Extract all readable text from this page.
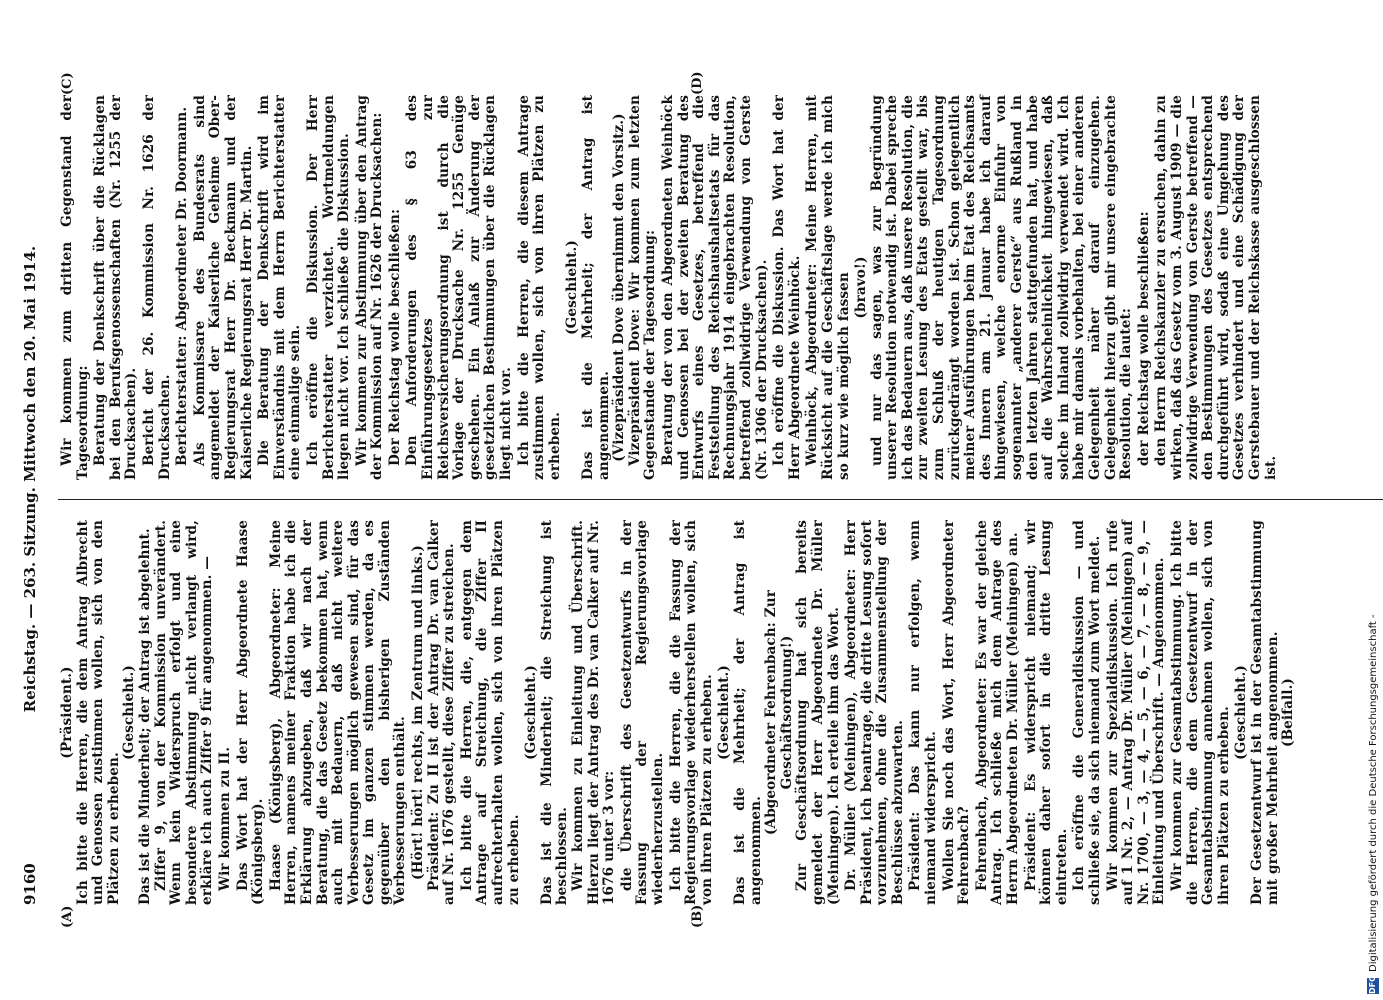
9160
Reichstag. — 263. Sitzung. Mittwoch den 20. Mai 1914.
(A)	(B)
(C)	(D)
(Präsident.) Ich bitte die Herren, die dem Antrag Albrecht und Genossen zustimmen wollen, sich von den Plätzen zu erheben.
(Geschieht.) Das ist die Minderheit; der Antrag ist abgelehnt. Ziffer 9, von der Kommission unverändert. Wenn kein Widerspruch erfolgt und eine besondere Abstimmung nicht verlangt wird, erkläre ich auch Ziffer 9 für angenommen. — Wir kommen zu II. Das Wort hat der Herr Abgeordnete Haase (Königsberg). Haase (Königsberg), Abgeordneter: Meine Herren, namens meiner Fraktion habe ich die Erklärung abzugeben, daß wir nach der Beratung, die das Gesetz bekommen hat, wenn auch mit Bedauern, daß nicht weitere Verbesserungen möglich gewesen sind, für das Gesetz im ganzen stimmen werden, da es gegenüber den bisherigen Zuständen Verbesserungen enthält. (Hört! hört! rechts, im Zentrum und links.) Präsident: Zu II ist der Antrag Dr. van Calker auf Nr. 1676 gestellt, diese Ziffer zu streichen. Ich bitte die Herren, die, entgegen dem Antrage auf Streichung, die Ziffer II aufrechterhalten wollen, sich von ihren Plätzen zu erheben.
(Geschieht.) Das ist die Minderheit; die Streichung ist beschlossen. Wir kommen zu Einleitung und Überschrift. Hierzu liegt der Antrag des Dr. van Calker auf Nr. 1676 unter 3 vor: die Überschrift des Gesetzentwurfs in der Fassung der Regierungsvorlage wiederherzustellen. Ich bitte die Herren, die die Fassung der Regierungsvorlage wiederherstellen wollen, sich von ihren Plätzen zu erheben. (Geschieht.) Das ist die Mehrheit; der Antrag ist angenommen.
(Abgeordneter Fehrenbach: Zur Geschäftsordnung!) Zur Geschäftsordnung hat sich bereits gemeldet der Herr Abgeordnete Dr. Müller (Meiningen). Ich erteile ihm das Wort. Dr. Müller (Meiningen), Abgeordneter: Herr Präsident, ich beantrage, die dritte Lesung sofort vorzunehmen, ohne die Zusammenstellung der Beschlüsse abzuwarten. Präsident: Das kann nur erfolgen, wenn niemand widerspricht. Wollen Sie noch das Wort, Herr Abgeordneter Fehrenbach? Fehrenbach, Abgeordneter: Es war der gleiche Antrag. Ich schließe mich dem Antrage des Herrn Abgeordneten Dr. Müller (Meiningen) an. Präsident: Es widerspricht niemand; wir können daher sofort in die dritte Lesung eintreten. Ich eröffne die Generaldiskussion — und schließe sie, da sich niemand zum Wort meldet. Wir kommen zur Spezialdiskussion. Ich rufe auf 1 Nr. 2, — Antrag Dr. Müller (Meiningen) auf Nr. 1700, — 3, — 4, — 5, — 6, — 7, — 8, — 9, — Einleitung und Überschrift. — Angenommen. Wir kommen zur Gesamtabstimmung. Ich bitte die Herren, die dem Gesetzentwurf in der Gesamtabstimmung annehmen wollen, sich von ihren Plätzen zu erheben. (Geschieht.) Der Gesetzentwurf ist in der Gesamtabstimmung mit großer Mehrheit angenommen. (Beifall.)
Wir kommen zum dritten Gegenstand der Tagesordnung: Beratung der Denkschrift über die Rücklagen bei den Berufsgenossenschaften (Nr. 1255 der Drucksachen). Bericht der 26. Kommission Nr. 1626 der Drucksachen. Berichterstatter: Abgeordneter Dr. Doormann. Als Kommissare des Bundesrats sind angemeldet der Kaiserliche Geheime Ober-Regierungsrat Herr Dr. Beckmann und der Kaiserliche Regierungsrat Herr Dr. Martin. Die Beratung der Denkschrift wird im Einverständnis mit dem Herrn Berichterstatter eine einmalige sein. Ich eröffne die Diskussion. Der Herr Berichterstatter verzichtet. Wortmeldungen liegen nicht vor. Ich schließe die Diskussion. Wir kommen zur Abstimmung über den Antrag der Kommission auf Nr. 1626 der Drucksachen: Der Reichstag wolle beschließen: Den Anforderungen des § 63 des Einführungsgesetzes zur Reichsversicherungsordnung ist durch die Vorlage der Drucksache Nr. 1255 Genüge geschehen. Ein Anlaß zur Änderung der gesetzlichen Bestimmungen über die Rücklagen liegt nicht vor. Ich bitte die Herren, die diesem Antrage zustimmen wollen, sich von ihren Plätzen zu erheben.
(Geschieht.) Das ist die Mehrheit; der Antrag ist angenommen. (Vizepräsident Dove übernimmt den Vorsitz.) Vizepräsident Dove: Wir kommen zum letzten Gegenstande der Tagesordnung: Beratung der von den Abgeordneten Weinhöck und Genossen bei der zweiten Beratung des Entwurfs eines Gesetzes, betreffend die Feststellung des Reichshaushaltsetats für das Rechnungsjahr 1914 eingebrachten Resolution, betreffend zollwidrige Verwendung von Gerste (Nr. 1306 der Drucksachen). Ich eröffne die Diskussion. Das Wort hat der Herr Abgeordnete Weinhöck. Weinhöck, Abgeordneter: Meine Herren, mit Rücksicht auf die Geschäftslage werde ich mich so kurz wie möglich fassen (bravo!) und nur das sagen, was zur Begründung unserer Resolution notwendig ist. Dabei spreche ich das Bedauern aus, daß unsere Resolution, die zur zweiten Lesung des Etats gestellt war, bis zum Schluß der heutigen Tagesordnung zurückgedrängt worden ist. Schon gelegentlich meiner Ausführungen beim Etat des Reichsamts des Innern am 21. Januar habe ich darauf hingewiesen, welche enorme Einfuhr von sogenannter „anderer Gerste“ aus Rußland in den letzten Jahren stattgefunden hat, und habe auf die Wahrscheinlichkeit hingewiesen, daß solche im Inland zollwidrig verwendet wird. Ich habe mir damals vorbehalten, bei einer anderen Gelegenheit näher darauf einzugehen. Gelegenheit hierzu gibt mir unsere eingebrachte Resolution, die lautet: der Reichstag wolle beschließen: den Herrn Reichskanzler zu ersuchen, dahin zu wirken, daß das Gesetz vom 3. August 1909 — die zollwidrige Verwendung von Gerste betreffend — den Bestimmungen des Gesetzes entsprechend durchgeführt wird, sodaß eine Umgehung des Gesetzes verhindert und eine Schädigung der Gerstebauer und der Reichskasse ausgeschlossen ist.
DFG
Digitalisierung gefördert durch die Deutsche Forschungsgemeinschaft -
